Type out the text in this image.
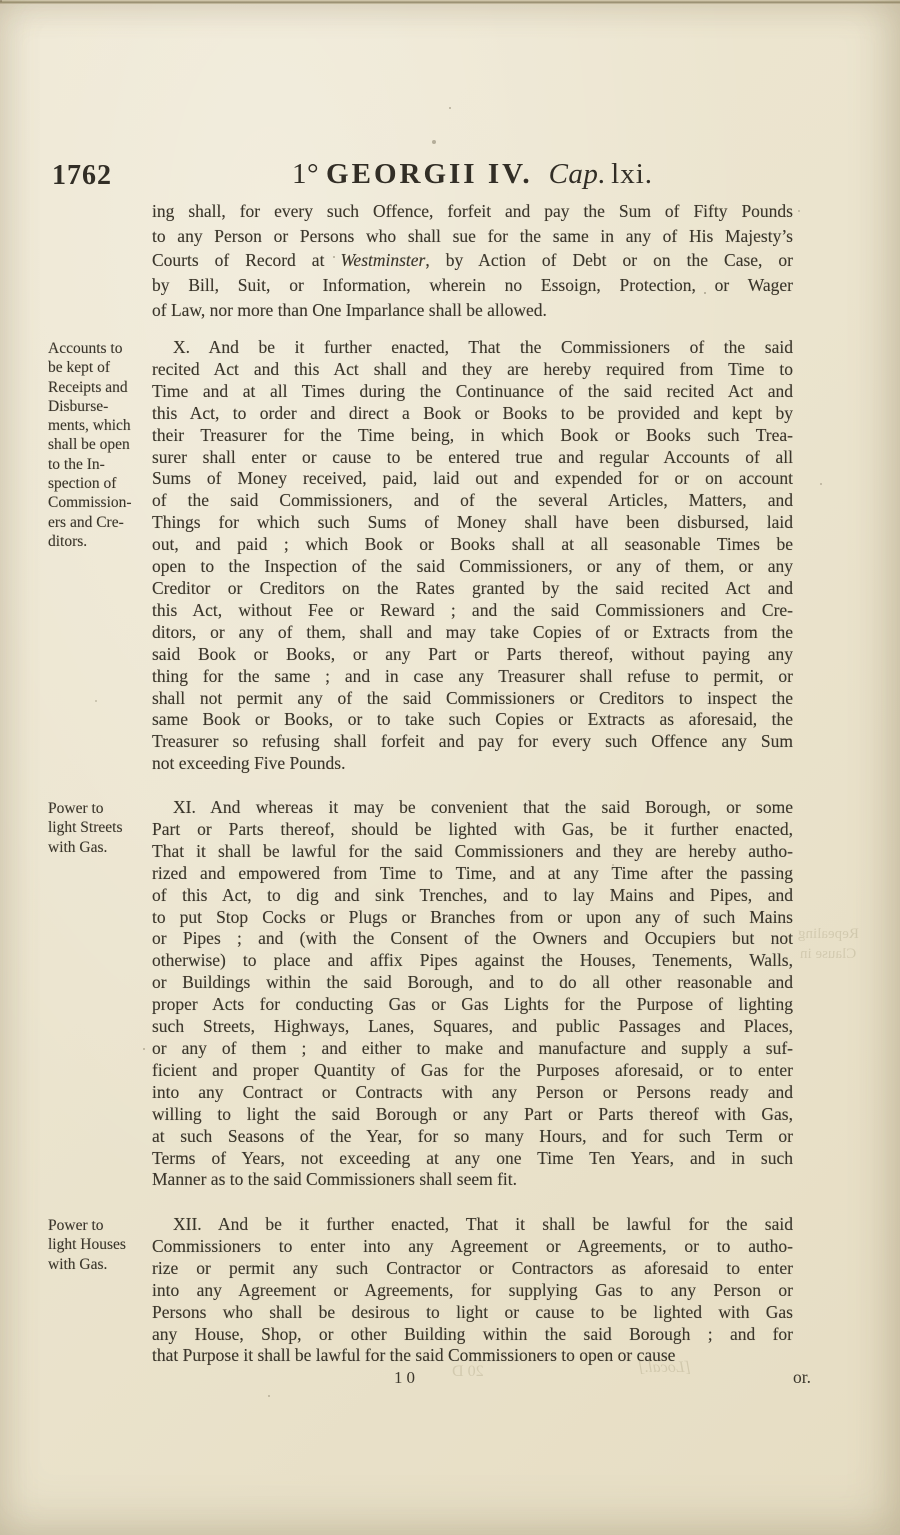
1762	1° GEORGII IV. Cap. lxi.
ing shall, for every such Offence, forfeit and pay the Sum of Fifty Pounds
to any Person or Persons who shall sue for the same in any of His Majesty’s
Courts of Record at Westminster, by Action of Debt or on the Case, or
by Bill, Suit, or Information, wherein no Essoign, Protection, or Wager
of Law, nor more than One Imparlance shall be allowed.
Accounts to
be kept of
Receipts and
Disburse-
ments, which
shall be open
to the In-
spection of
Commission-
ers and Cre-
ditors.
X. And be it further enacted, That the Commissioners of the said
recited Act and this Act shall and they are hereby required from Time to
Time and at all Times during the Continuance of the said recited Act and
this Act, to order and direct a Book or Books to be provided and kept by
their Treasurer for the Time being, in which Book or Books such Trea-
surer shall enter or cause to be entered true and regular Accounts of all
Sums of Money received, paid, laid out and expended for or on account
of the said Commissioners, and of the several Articles, Matters, and
Things for which such Sums of Money shall have been disbursed, laid
out, and paid ; which Book or Books shall at all seasonable Times be
open to the Inspection of the said Commissioners, or any of them, or any
Creditor or Creditors on the Rates granted by the said recited Act and
this Act, without Fee or Reward ; and the said Commissioners and Cre-
ditors, or any of them, shall and may take Copies of or Extracts from the
said Book or Books, or any Part or Parts thereof, without paying any
thing for the same ; and in case any Treasurer shall refuse to permit, or
shall not permit any of the said Commissioners or Creditors to inspect the
same Book or Books, or to take such Copies or Extracts as aforesaid, the
Treasurer so refusing shall forfeit and pay for every such Offence any Sum
not exceeding Five Pounds.
Power to
light Streets
with Gas.
XI. And whereas it may be convenient that the said Borough, or some
Part or Parts thereof, should be lighted with Gas, be it further enacted,
That it shall be lawful for the said Commissioners and they are hereby autho-
rized and empowered from Time to Time, and at any Time after the passing
of this Act, to dig and sink Trenches, and to lay Mains and Pipes, and
to put Stop Cocks or Plugs or Branches from or upon any of such Mains
or Pipes ; and (with the Consent of the Owners and Occupiers but not
otherwise) to place and affix Pipes against the Houses, Tenements, Walls,
or Buildings within the said Borough, and to do all other reasonable and
proper Acts for conducting Gas or Gas Lights for the Purpose of lighting
such Streets, Highways, Lanes, Squares, and public Passages and Places,
or any of them ; and either to make and manufacture and supply a suf-
ficient and proper Quantity of Gas for the Purposes aforesaid, or to enter
into any Contract or Contracts with any Person or Persons ready and
willing to light the said Borough or any Part or Parts thereof with Gas,
at such Seasons of the Year, for so many Hours, and for such Term or
Terms of Years, not exceeding at any one Time Ten Years, and in such
Manner as to the said Commissioners shall seem fit.
Power to
light Houses
with Gas.
XII. And be it further enacted, That it shall be lawful for the said
Commissioners to enter into any Agreement or Agreements, or to autho-
rize or permit any such Contractor or Contractors as aforesaid to enter
into any Agreement or Agreements, for supplying Gas to any Person or
Persons who shall be desirous to light or cause to be lighted with Gas
any House, Shop, or other Building within the said Borough ; and for
that Purpose it shall be lawful for the said Commissioners to open or cause
10	or.
20 D	[Local.]
Repealing
Clause in
